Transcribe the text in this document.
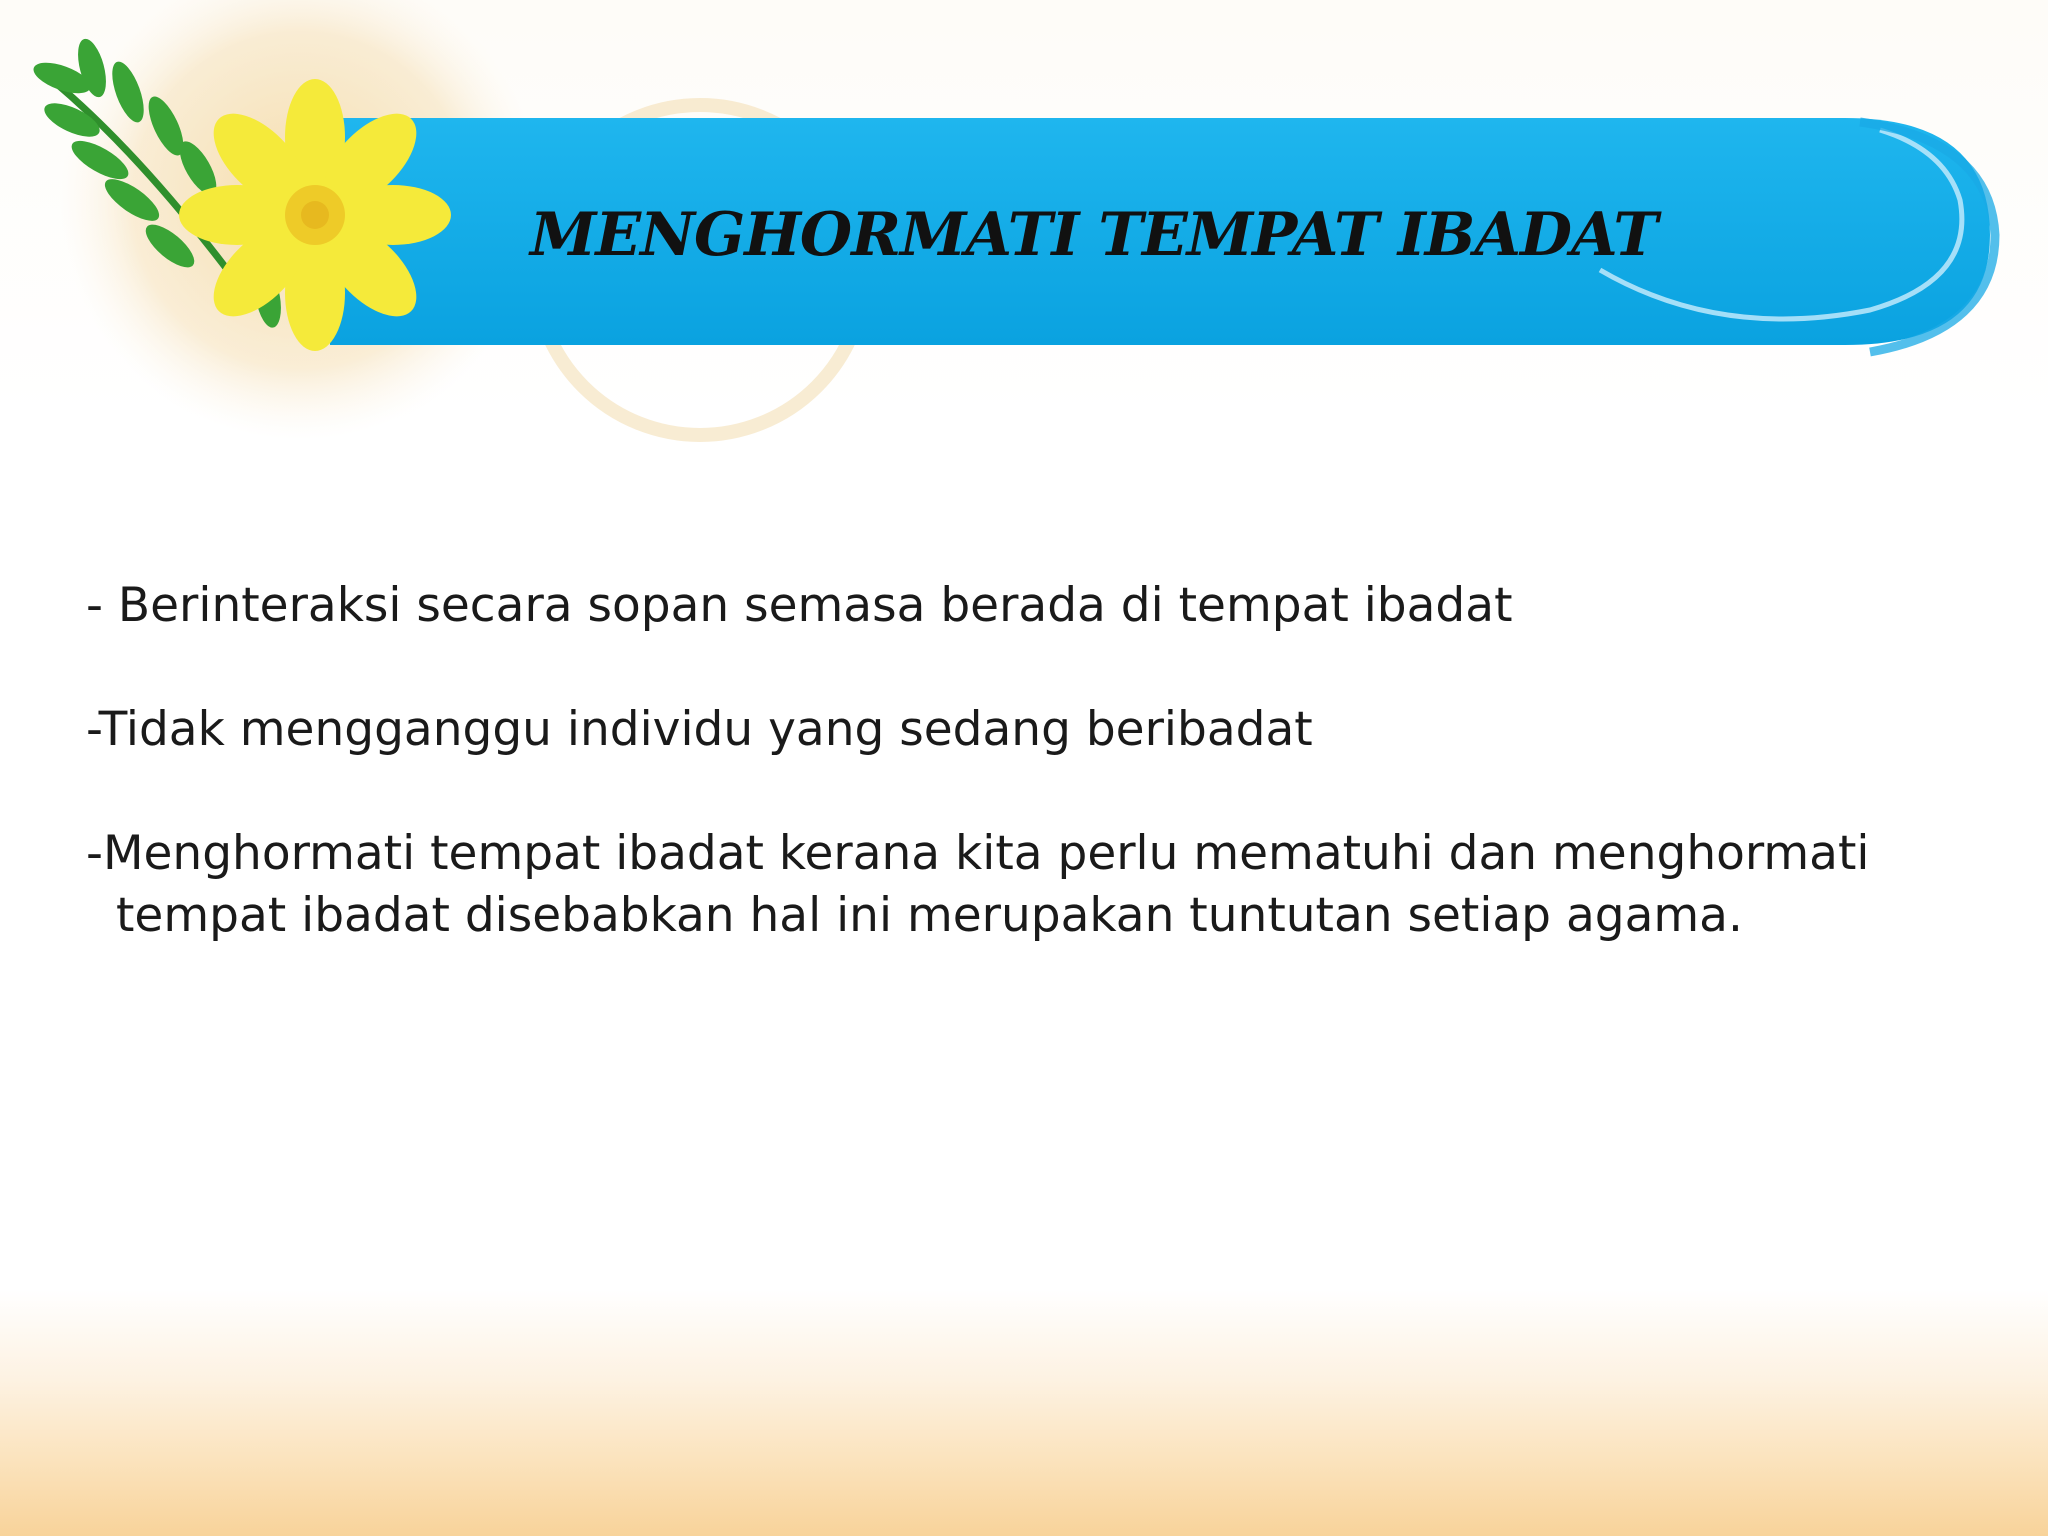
MENGHORMATI TEMPAT IBADAT

- Berinteraksi secara sopan semasa berada di tempat ibadat

-Tidak mengganggu individu yang sedang beribadat

-Menghormati tempat ibadat kerana kita perlu mematuhi dan menghormati
tempat ibadat disebabkan hal ini merupakan tuntutan setiap agama.
